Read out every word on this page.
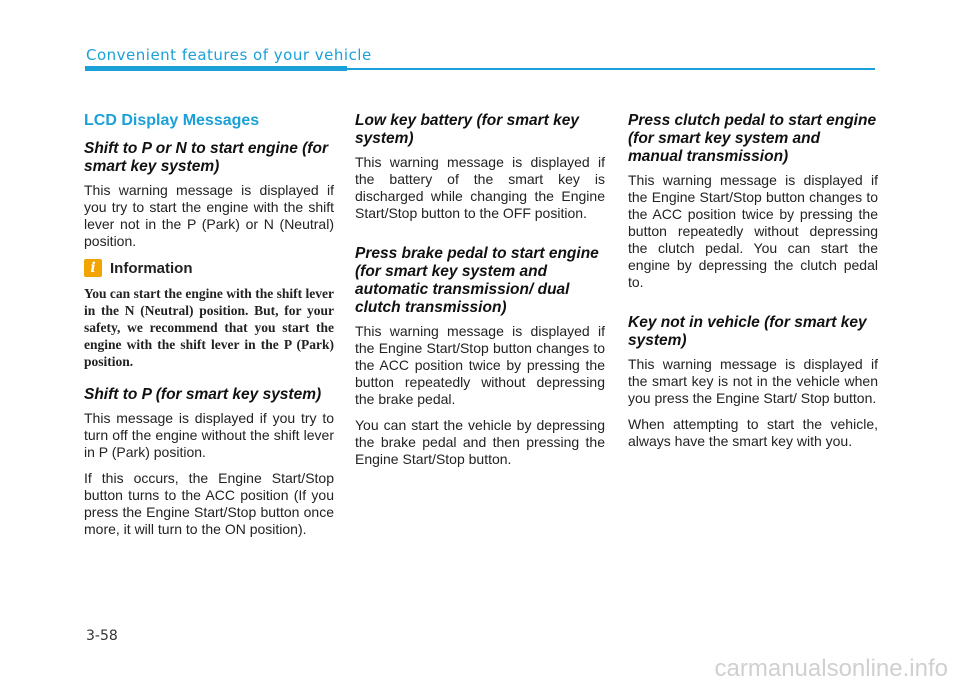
Convenient features of your vehicle
LCD Display Messages
Shift to P or N to start engine (for smart key system)

This warning message is displayed if you try to start the engine with the shift lever not in the P (Park) or N (Neutral) position.

i Information

You can start the engine with the shift lever in the N (Neutral) position. But, for your safety, we recommend that you start the engine with the shift lever in the P (Park) position.

Shift to P (for smart key system)

This message is displayed if you try to turn off the engine without the shift lever in P (Park) position.

If this occurs, the Engine Start/Stop button turns to the ACC position (If you press the Engine Start/Stop button once more, it will turn to the ON position).

Low key battery (for smart key system)

This warning message is displayed if the battery of the smart key is discharged while changing the Engine Start/Stop button to the OFF position.

Press brake pedal to start engine (for smart key system and automatic transmission/ dual clutch transmission)

This warning message is displayed if the Engine Start/Stop button changes to the ACC position twice by pressing the button repeatedly without depressing the brake pedal.

You can start the vehicle by depressing the brake pedal and then pressing the Engine Start/Stop button.

Press clutch pedal to start engine (for smart key system and manual transmission)

This warning message is displayed if the Engine Start/Stop button changes to the ACC position twice by pressing the button repeatedly without depressing the clutch pedal. You can start the engine by depressing the clutch pedal to.

Key not in vehicle (for smart key system)

This warning message is displayed if the smart key is not in the vehicle when you press the Engine Start/ Stop button.

When attempting to start the vehicle, always have the smart key with you.

3-58
carmanualsonline.info
